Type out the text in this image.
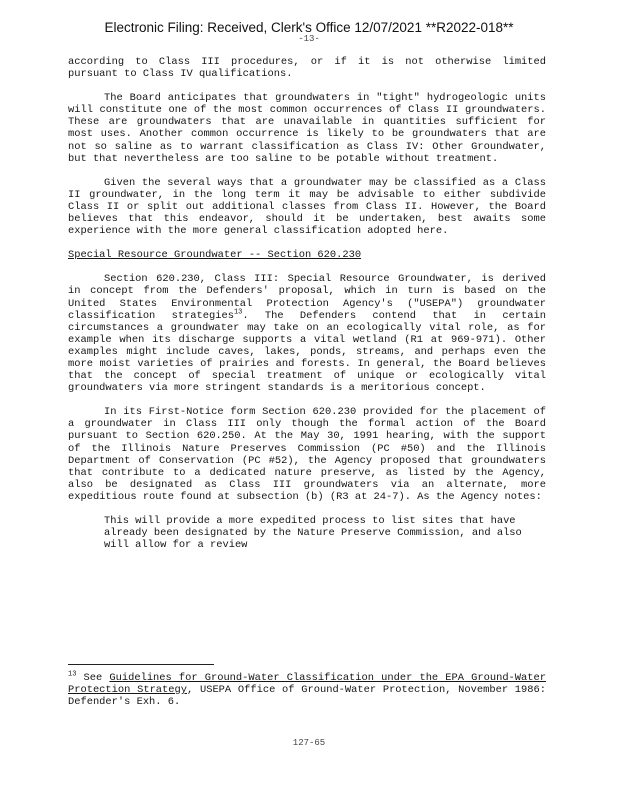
Electronic Filing: Received, Clerk's Office 12/07/2021 **R2022-018**
-13-

according to Class III procedures, or if it is not otherwise limited pursuant to Class IV qualifications.

The Board anticipates that groundwaters in "tight" hydrogeologic units will constitute one of the most common occurrences of Class II groundwaters. These are groundwaters that are unavailable in quantities sufficient for most uses. Another common occurrence is likely to be groundwaters that are not so saline as to warrant classification as Class IV: Other Groundwater, but that nevertheless are too saline to be potable without treatment.

Given the several ways that a groundwater may be classified as a Class II groundwater, in the long term it may be advisable to either subdivide Class II or split out additional classes from Class II. However, the Board believes that this endeavor, should it be undertaken, best awaits some experience with the more general classification adopted here.

Special Resource Groundwater -- Section 620.230

Section 620.230, Class III: Special Resource Groundwater, is derived in concept from the Defenders' proposal, which in turn is based on the United States Environmental Protection Agency's ("USEPA") groundwater classification strategies$^{13}$. The Defenders contend that in certain circumstances a groundwater may take on an ecologically vital role, as for example when its discharge supports a vital wetland (R1 at 969-971). Other examples might include caves, lakes, ponds, streams, and perhaps even the more moist varieties of prairies and forests. In general, the Board believes that the concept of special treatment of unique or ecologically vital groundwaters via more stringent standards is a meritorious concept.

In its First-Notice form Section 620.230 provided for the placement of a groundwater in Class III only though the formal action of the Board pursuant to Section 620.250. At the May 30, 1991 hearing, with the support of the Illinois Nature Preserves Commission (PC #50) and the Illinois Department of Conservation (PC #52), the Agency proposed that groundwaters that contribute to a dedicated nature preserve, as listed by the Agency, also be designated as Class III groundwaters via an alternate, more expeditious route found at subsection (b) (R3 at 24-7). As the Agency notes:

This will provide a more expedited process to list sites that have already been designated by the Nature Preserve Commission, and also will allow for a review
$^{13}$ See Guidelines for Ground-Water Classification under the EPA Ground-Water Protection Strategy, USEPA Office of Ground-Water Protection, November 1986: Defender's Exh. 6.
127-65
